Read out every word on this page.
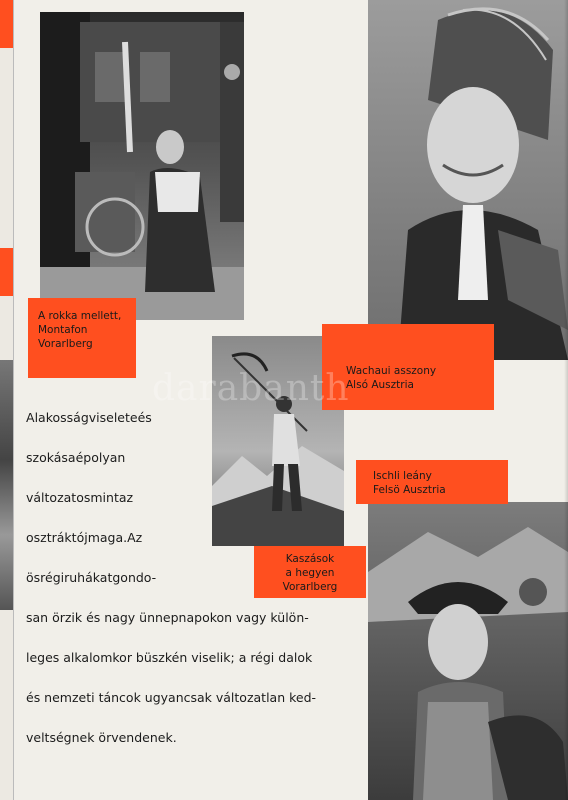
A rokka mellett,
Montafon
Vorarlberg
Wachaui asszony
Alsó Ausztria
Ischli leány
Felsö Ausztria
Kaszások
a hegyen
Vorarlberg
Alakosságviseleteés
szokásaépolyan
változatosmintaz
osztráktójmaga.Az
ösrégiruhákatgondo-
san örzik és nagy ünnepnapokon vagy külön-
leges alkalomkor büszkén viselik; a régi dalok
és nemzeti táncok ugyancsak változatlan ked-
veltségnek örvendenek.
darabanth
